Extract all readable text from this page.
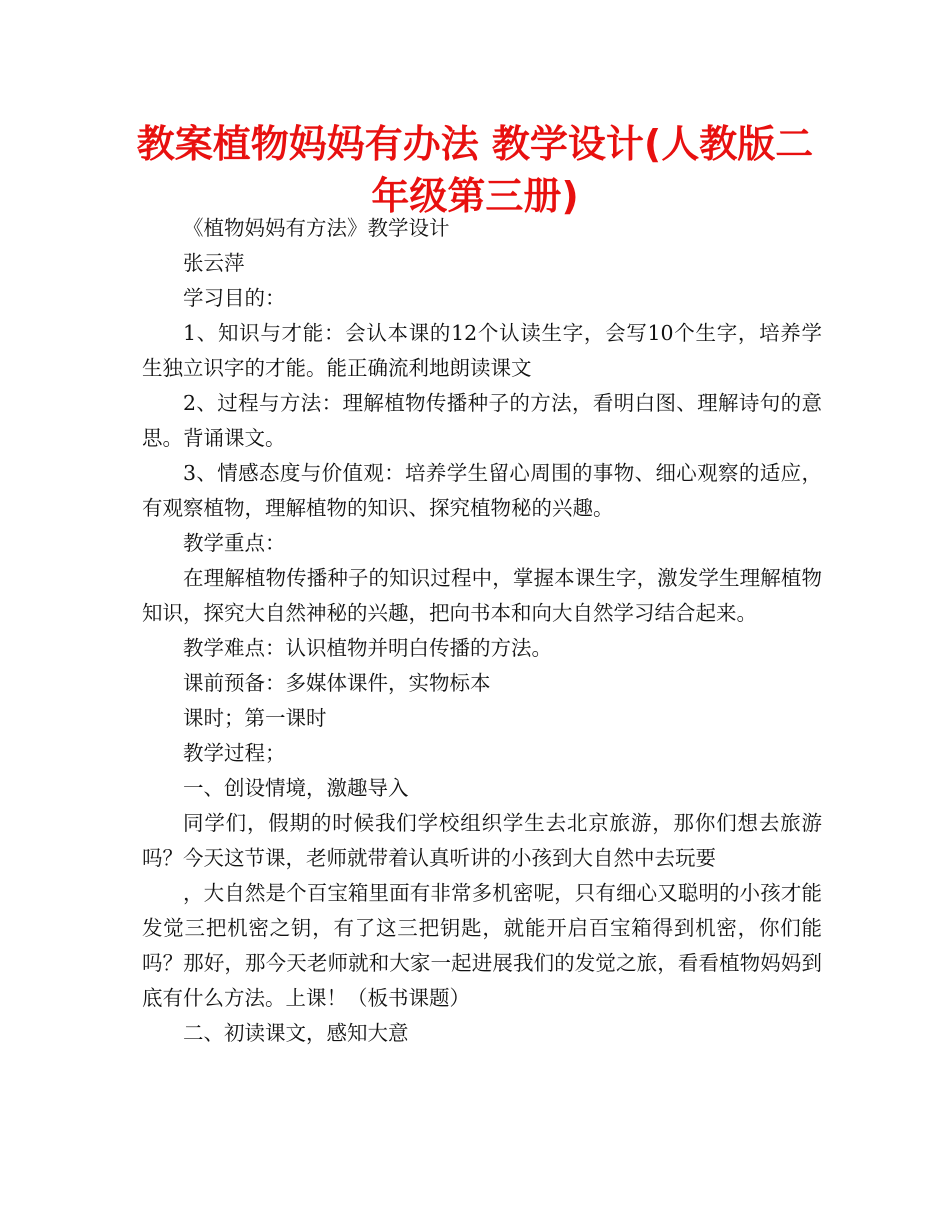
教案植物妈妈有办法 教学设计(人教版二年级第三册)

《植物妈妈有方法》教学设计

张云萍

学习目的：

1、知识与才能：会认本课的12个认读生字，会写10个生字，培养学生独立识字的才能。能正确流利地朗读课文

2、过程与方法：理解植物传播种子的方法，看明白图、理解诗句的意思。背诵课文。

3、情感态度与价值观：培养学生留心周围的事物、细心观察的适应，有观察植物，理解植物的知识、探究植物秘的兴趣。

教学重点：

在理解植物传播种子的知识过程中，掌握本课生字，激发学生理解植物知识，探究大自然神秘的兴趣，把向书本和向大自然学习结合起来。

教学难点：认识植物并明白传播的方法。

课前预备：多媒体课件，实物标本

课时；第一课时

教学过程；

一、创设情境，激趣导入

同学们，假期的时候我们学校组织学生去北京旅游，那你们想去旅游吗？今天这节课，老师就带着认真听讲的小孩到大自然中去玩要

，大自然是个百宝箱里面有非常多机密呢，只有细心又聪明的小孩才能发觉三把机密之钥，有了这三把钥匙，就能开启百宝箱得到机密，你们能吗？那好，那今天老师就和大家一起进展我们的发觉之旅，看看植物妈妈到底有什么方法。上课！（板书课题）

二、初读课文，感知大意
